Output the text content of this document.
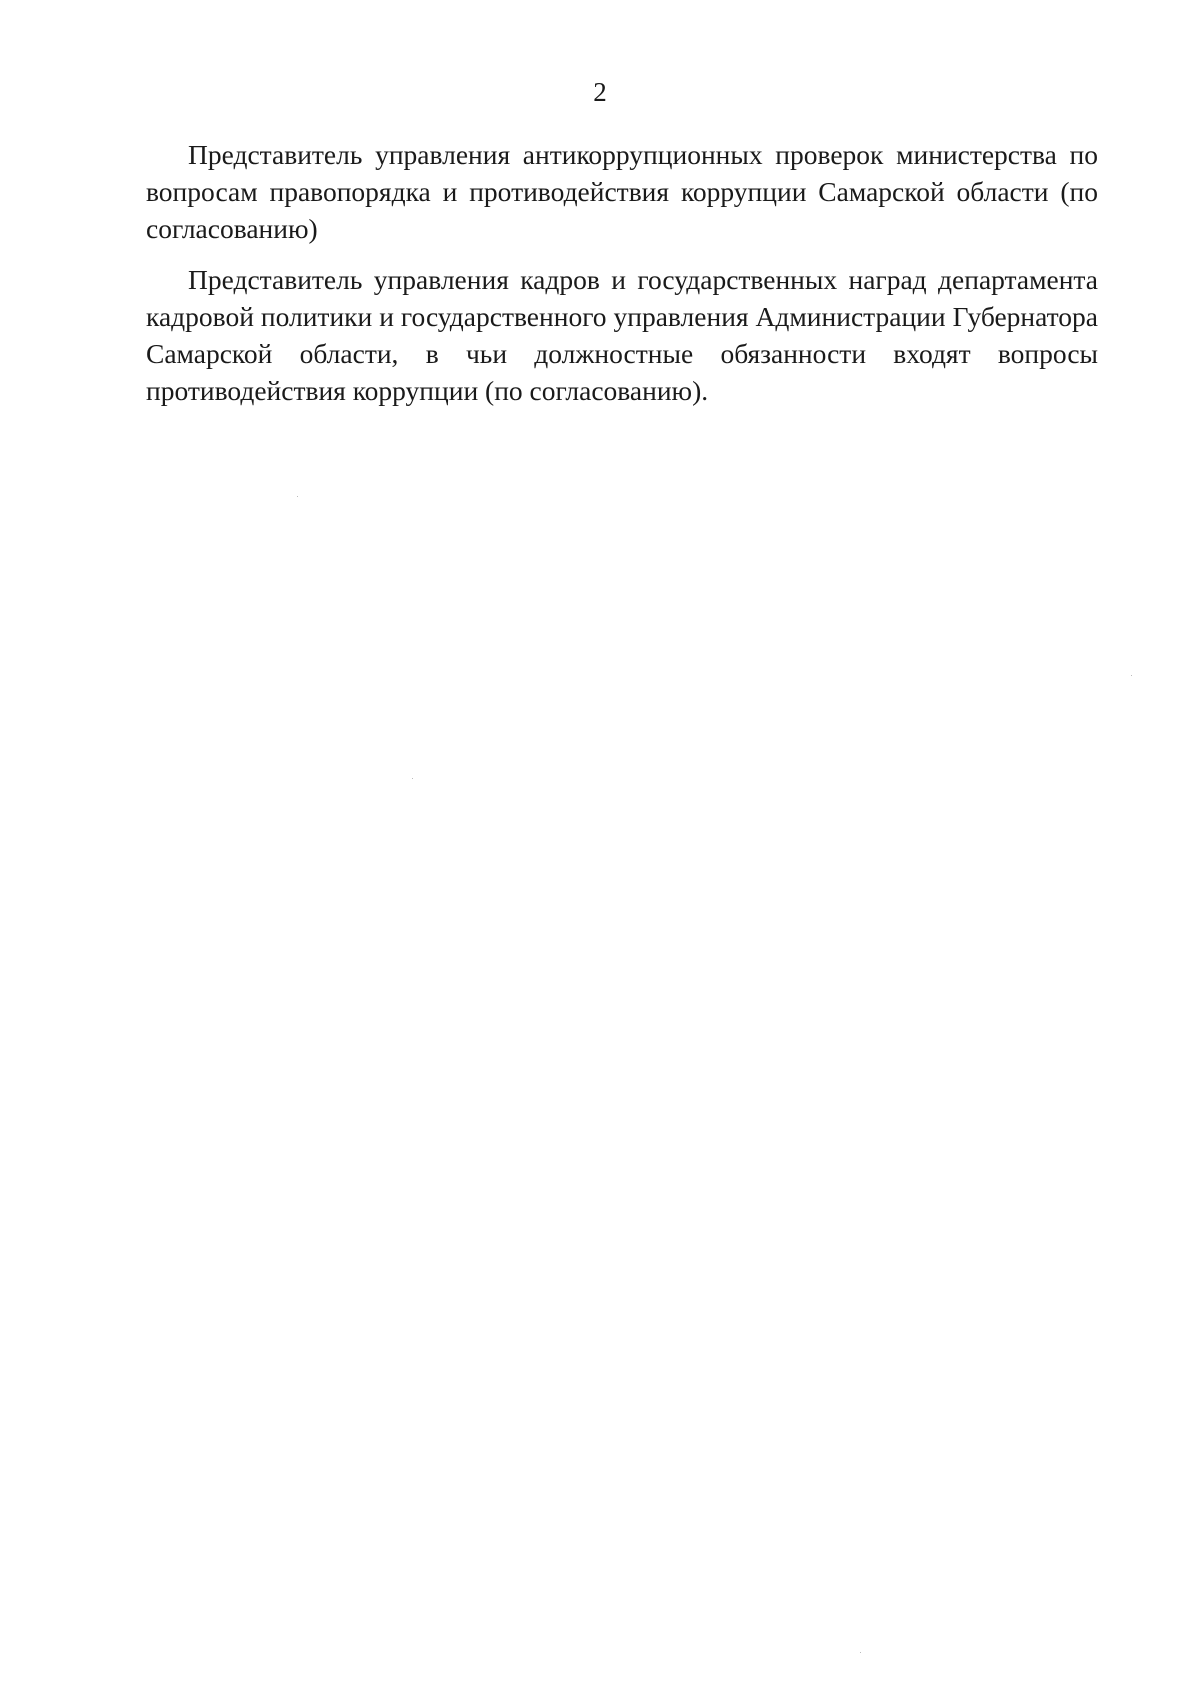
2

Представитель управления антикоррупционных проверок министерства по вопросам правопорядка и противодействия коррупции Самарской области (по согласованию)

Представитель управления кадров и государственных наград департамента кадровой политики и государственного управления Администрации Губернатора Самарской области, в чьи должностные обязанности входят вопросы противодействия коррупции (по согласованию).
